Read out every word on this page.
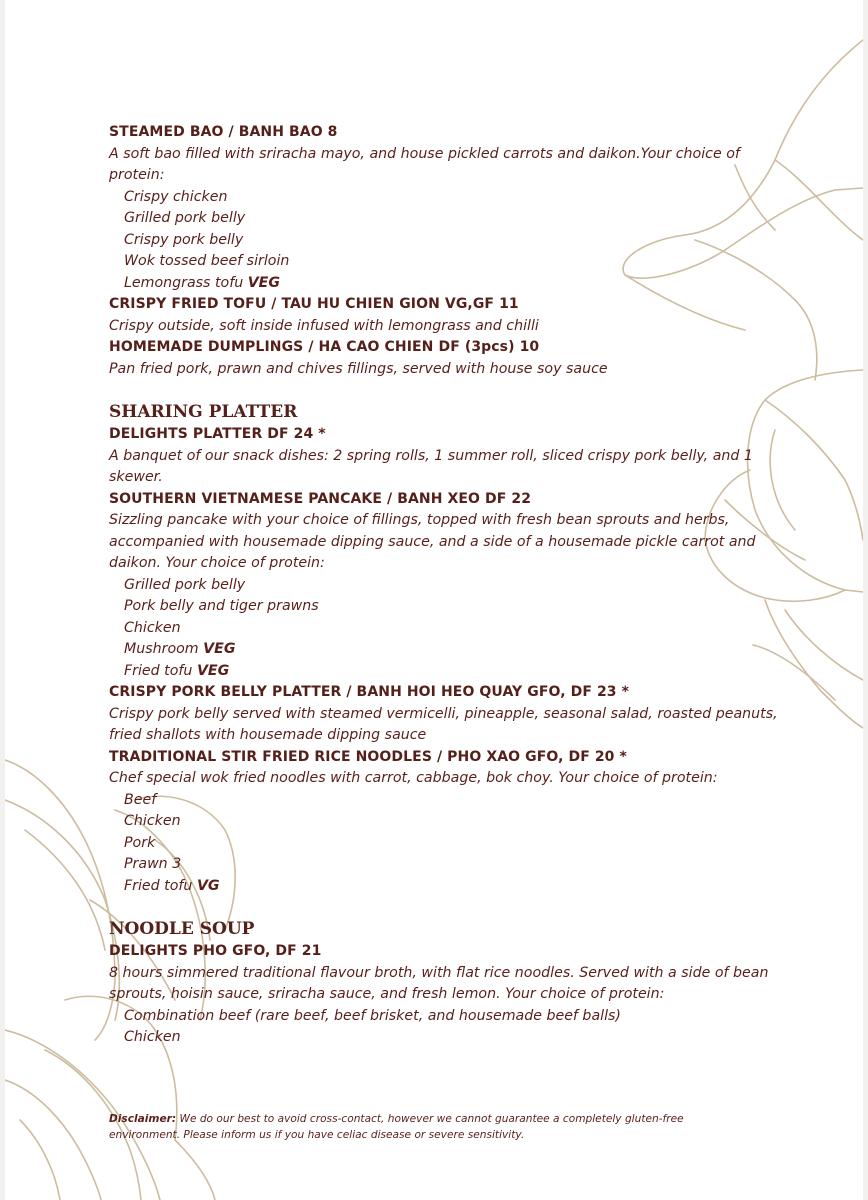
STEAMED BAO / BANH BAO 8
A soft bao filled with sriracha mayo, and house pickled carrots and daikon.Your choice of protein:
Crispy chicken
Grilled pork belly
Crispy pork belly
Wok tossed beef sirloin
Lemongrass tofu VEG
CRISPY FRIED TOFU / TAU HU CHIEN GION VG,GF 11
Crispy outside, soft inside infused with lemongrass and chilli
HOMEMADE DUMPLINGS / HA CAO CHIEN DF (3pcs) 10
Pan fried pork, prawn and chives fillings, served with house soy sauce
SHARING PLATTER
DELIGHTS PLATTER DF 24 *
A banquet of our snack dishes: 2 spring rolls, 1 summer roll, sliced crispy pork belly, and 1 skewer.
SOUTHERN VIETNAMESE PANCAKE / BANH XEO DF 22
Sizzling pancake with your choice of fillings, topped with fresh bean sprouts and herbs, accompanied with housemade dipping sauce, and a side of a housemade pickle carrot and daikon. Your choice of protein:
Grilled pork belly
Pork belly and tiger prawns
Chicken
Mushroom VEG
Fried tofu VEG
CRISPY PORK BELLY PLATTER / BANH HOI HEO QUAY GFO, DF 23 *
Crispy pork belly served with steamed vermicelli, pineapple, seasonal salad, roasted peanuts, fried shallots with housemade dipping sauce
TRADITIONAL STIR FRIED RICE NOODLES / PHO XAO GFO, DF 20 *
Chef special wok fried noodles with carrot, cabbage, bok choy. Your choice of protein:
Beef
Chicken
Pork
Prawn 3
Fried tofu VG
NOODLE SOUP
DELIGHTS PHO GFO, DF 21
8 hours simmered traditional flavour broth, with flat rice noodles. Served with a side of bean sprouts, hoisin sauce, sriracha sauce, and fresh lemon. Your choice of protein:
Combination beef (rare beef, beef brisket, and housemade beef balls)
Chicken
Disclaimer: We do our best to avoid cross-contact, however we cannot guarantee a completely gluten-free environment. Please inform us if you have celiac disease or severe sensitivity.
